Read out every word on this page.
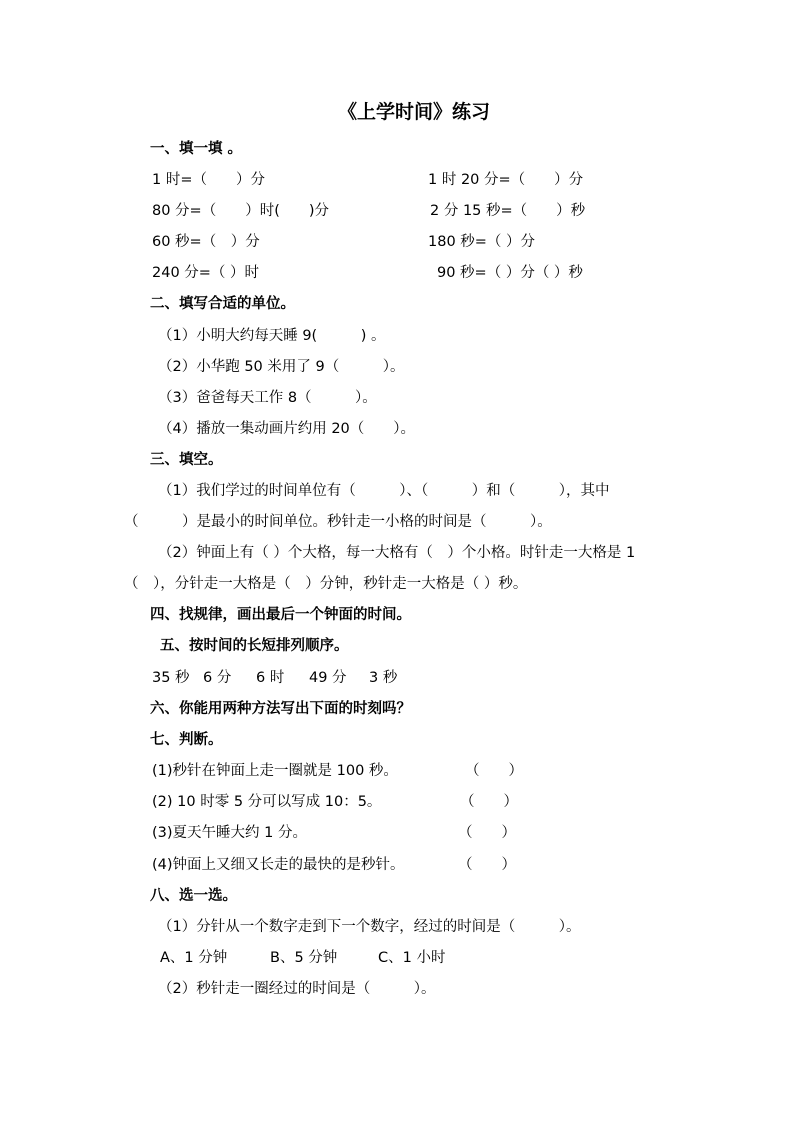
《上学时间》练习
一、填一填 。
1 时=（　　）分	1 时 20 分=（　　）分
80 分=（　　）时(　　)分	2 分 15 秒=（　　）秒
60 秒=（　）分	180 秒=（ ）分
240 分=（ ）时	90 秒=（ ）分（ ）秒
二、填写合适的单位。
（1）小明大约每天睡 9(　　　) 。
（2）小华跑 50 米用了 9（　　　）。
（3）爸爸每天工作 8（　　　）。
（4）播放一集动画片约用 20（　　）。
三、填空。
（1）我们学过的时间单位有（　　　）、（　　　）和（　　　），其中
（　　　）是最小的时间单位。秒针走一小格的时间是（　　　）。
（2）钟面上有（ ）个大格，每一大格有（　）个小格。时针走一大格是 1
（　），分针走一大格是（　）分钟，秒针走一大格是（ ）秒。
四、找规律，画出最后一个钟面的时间。
五、按时间的长短排列顺序。
35 秒 6 分 6 时 49 分 3 秒
六、你能用两种方法写出下面的时刻吗？
七、判断。
(1)秒针在钟面上走一圈就是 100 秒。	（　　）
(2) 10 时零 5 分可以写成 10：5。	（　　）
(3)夏天午睡大约 1 分。	（　　）
(4)钟面上又细又长走的最快的是秒针。	（　　）
八、选一选。
（1）分针从一个数字走到下一个数字，经过的时间是（　　　）。
A、1 分钟	B、5 分钟	C、1 小时
（2）秒针走一圈经过的时间是（　　　）。
